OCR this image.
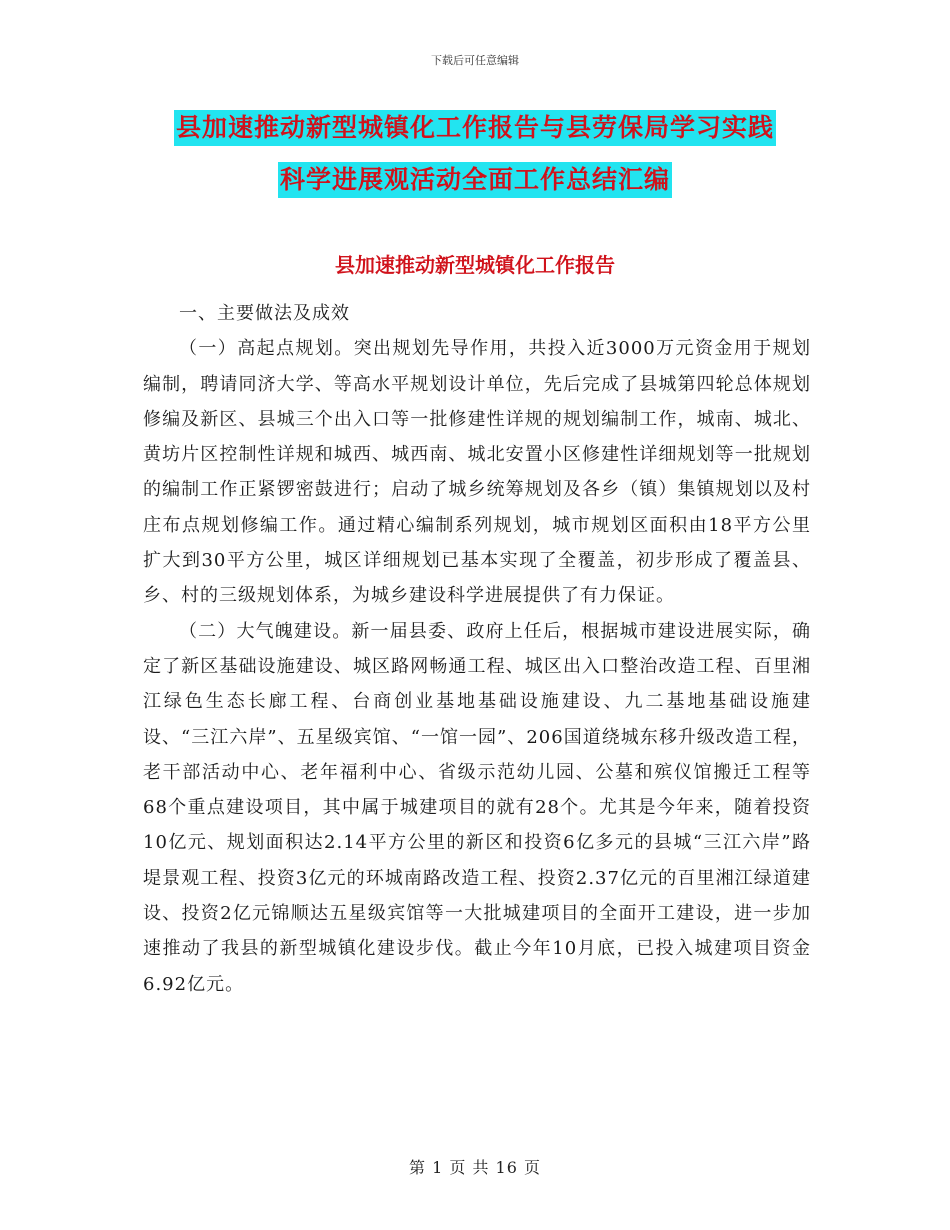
下载后可任意编辑
县加速推动新型城镇化工作报告与县劳保局学习实践
科学进展观活动全面工作总结汇编
县加速推动新型城镇化工作报告

一、主要做法及成效

（一）高起点规划。突出规划先导作用，共投入近3000万元资金用于规划编制，聘请同济大学、等高水平规划设计单位，先后完成了县城第四轮总体规划修编及新区、县城三个出入口等一批修建性详规的规划编制工作，城南、城北、黄坊片区控制性详规和城西、城西南、城北安置小区修建性详细规划等一批规划的编制工作正紧锣密鼓进行；启动了城乡统筹规划及各乡（镇）集镇规划以及村庄布点规划修编工作。通过精心编制系列规划，城市规划区面积由18平方公里扩大到30平方公里，城区详细规划已基本实现了全覆盖，初步形成了覆盖县、乡、村的三级规划体系，为城乡建设科学进展提供了有力保证。

（二）大气魄建设。新一届县委、政府上任后，根据城市建设进展实际，确定了新区基础设施建设、城区路网畅通工程、城区出入口整治改造工程、百里湘江绿色生态长廊工程、台商创业基地基础设施建设、九二基地基础设施建设、“三江六岸”、五星级宾馆、“一馆一园”、206国道绕城东移升级改造工程，老干部活动中心、老年福利中心、省级示范幼儿园、公墓和殡仪馆搬迁工程等68个重点建设项目，其中属于城建项目的就有28个。尤其是今年来，随着投资10亿元、规划面积达2.14平方公里的新区和投资6亿多元的县城“三江六岸”路堤景观工程、投资3亿元的环城南路改造工程、投资2.37亿元的百里湘江绿道建设、投资2亿元锦顺达五星级宾馆等一大批城建项目的全面开工建设，进一步加速推动了我县的新型城镇化建设步伐。截止今年10月底，已投入城建项目资金6.92亿元。

第 1 页 共 16 页
